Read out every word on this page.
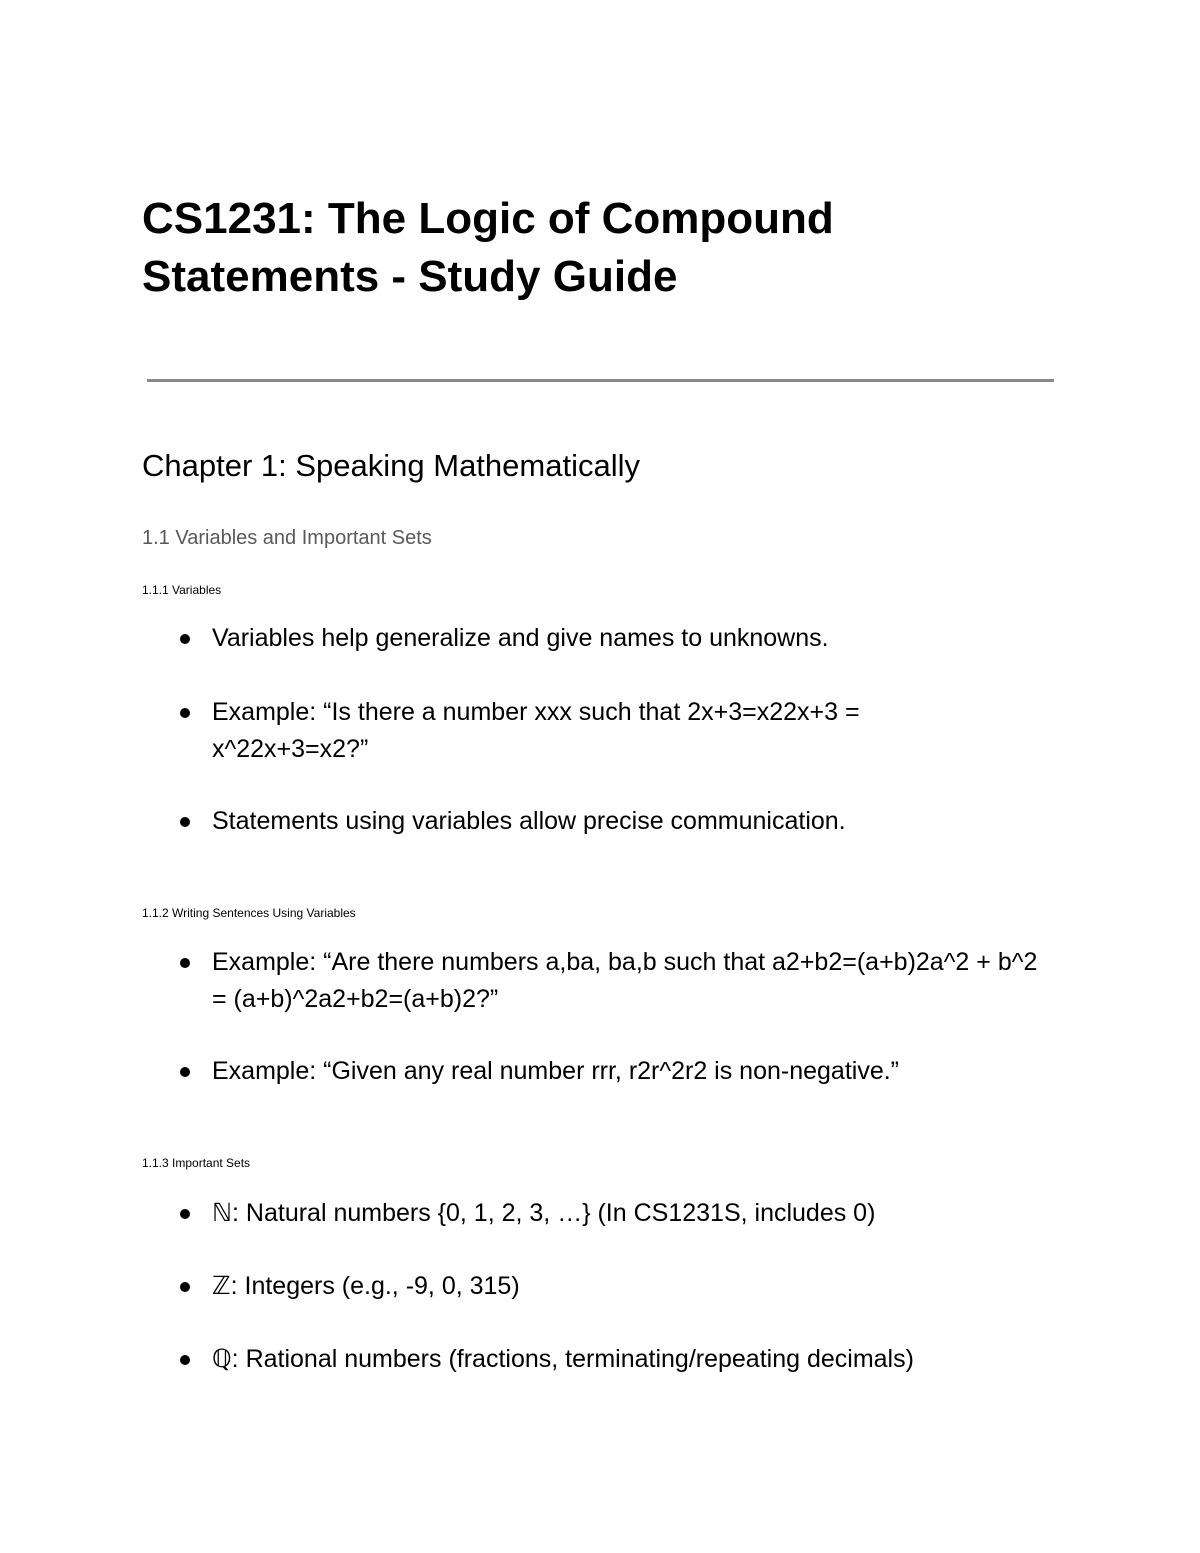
CS1231: The Logic of Compound Statements - Study Guide
Chapter 1: Speaking Mathematically
1.1 Variables and Important Sets
1.1.1 Variables
Variables help generalize and give names to unknowns.
Example: “Is there a number xxx such that 2x+3=x22x+3 = x^22x+3=x2?”
Statements using variables allow precise communication.
1.1.2 Writing Sentences Using Variables
Example: “Are there numbers a,ba, ba,b such that a2+b2=(a+b)2a^2 + b^2 = (a+b)^2a2+b2=(a+b)2?”
Example: “Given any real number rrr, r2r^2r2 is non-negative.”
1.1.3 Important Sets
ℕ: Natural numbers {0, 1, 2, 3, …} (In CS1231S, includes 0)
ℤ: Integers (e.g., -9, 0, 315)
ℚ: Rational numbers (fractions, terminating/repeating decimals)
